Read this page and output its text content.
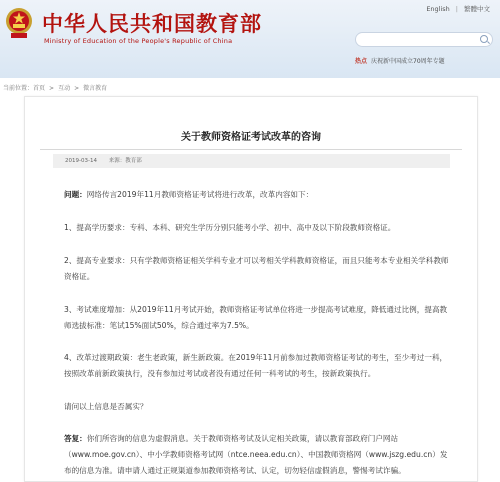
中华人民共和国教育部
Ministry of Education of the People's Republic of China
English | 繁體中文
热点 庆祝新中国成立70周年专题
当前位置：首页 > 互动 > 微言教育
关于教师资格证考试改革的咨询
2019-03-14 来源：教育部
问题：网络传言2019年11月教师资格证考试将进行改革，改革内容如下：
1、提高学历要求：专科、本科、研究生学历分别只能考小学、初中、高中及以下阶段教师资格证。
2、提高专业要求：只有学教师资格证相关学科专业才可以考相关学科教师资格证，而且只能考本专业相关学科教师资格证。
3、考试难度增加：从2019年11月考试开始，教师资格证考试单位将进一步提高考试难度，降低通过比例，提高教师选拔标准：笔试15%面试50%，综合通过率为7.5%。
4、改革过渡期政策：老生老政策，新生新政策。在2019年11月前参加过教师资格证考试的考生，至少考过一科，按照改革前新政策执行，没有参加过考试或者没有通过任何一科考试的考生，按新政策执行。
请问以上信息是否属实？
答复：你们所咨询的信息为虚假消息。关于教师资格考试及认定相关政策，请以教育部政府门户网站（www.moe.gov.cn）、中小学教师资格考试网（ntce.neea.edu.cn）、中国教师资格网（www.jszg.edu.cn）发布的信息为准。请申请人通过正规渠道参加教师资格考试、认定，切勿轻信虚假消息，警惕考试诈骗。
